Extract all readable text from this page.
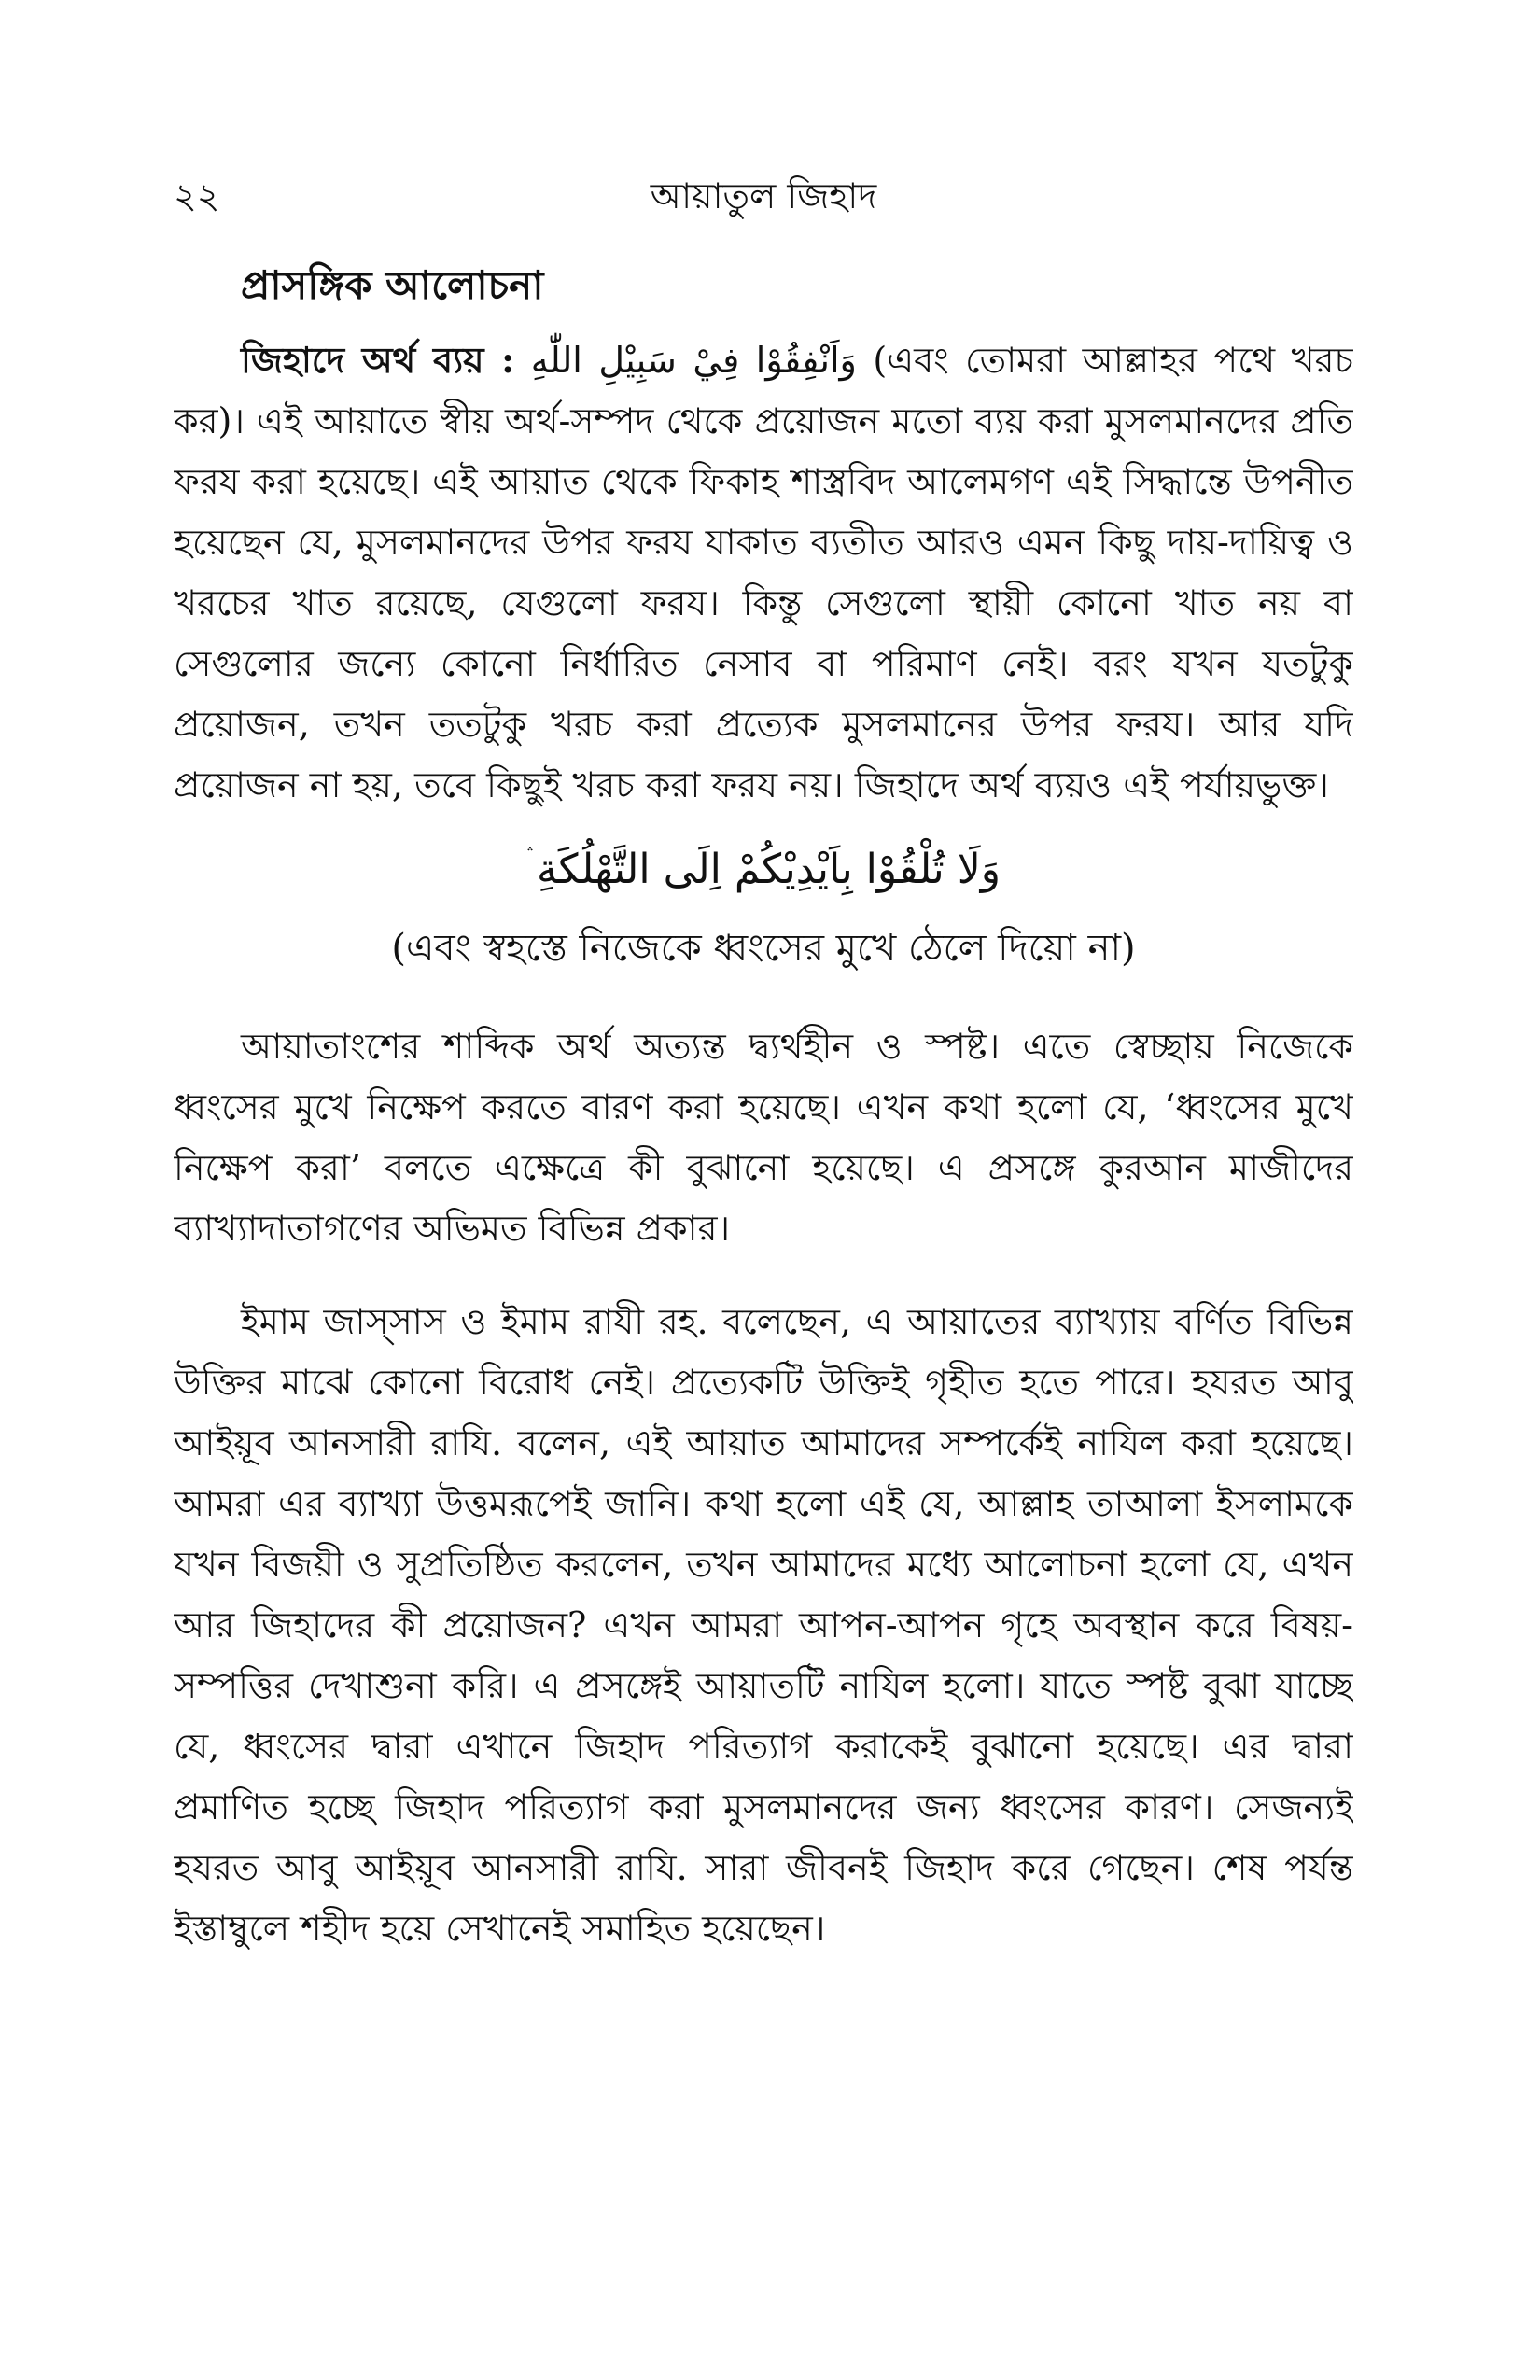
২২	আয়াতুল জিহাদ
প্রাসঙ্গিক আলোচনা

জিহাদে অর্থ ব্যয় : وَاَنْفِقُوْا فِيْ سَبِيْلِ اللّٰهِ (এবং তোমরা আল্লাহর পথে খরচ কর)। এই আয়াতে স্বীয় অর্থ-সম্পদ থেকে প্রয়োজন মতো ব্যয় করা মুসলমানদের প্রতি ফরয করা হয়েছে। এই আয়াত থেকে ফিকাহ শাস্ত্রবিদ আলেমগণ এই সিদ্ধান্তে উপনীত হয়েছেন যে, মুসলমানদের উপর ফরয যাকাত ব্যতীত আরও এমন কিছু দায়-দায়িত্ব ও খরচের খাত রয়েছে, যেগুলো ফরয। কিন্তু সেগুলো স্থায়ী কোনো খাত নয় বা সেগুলোর জন্যে কোনো নির্ধারিত নেসাব বা পরিমাণ নেই। বরং যখন যতটুকু প্রয়োজন, তখন ততটুকু খরচ করা প্রত্যেক মুসলমানের উপর ফরয। আর যদি প্রয়োজন না হয়, তবে কিছুই খরচ করা ফরয নয়। জিহাদে অর্থ ব্যয়ও এই পর্যায়ভুক্ত।

وَلَا تُلْقُوْا بِاَيْدِيْكُمْ اِلَى التَّهْلُكَةِ ۛ
(এবং স্বহস্তে নিজেকে ধ্বংসের মুখে ঠেলে দিয়ো না)

আয়াতাংশের শাব্দিক অর্থ অত্যন্ত দ্ব্যর্থহীন ও স্পষ্ট। এতে স্বেচ্ছায় নিজেকে ধ্বংসের মুখে নিক্ষেপ করতে বারণ করা হয়েছে। এখন কথা হলো যে, ‘ধ্বংসের মুখে নিক্ষেপ করা’ বলতে এক্ষেত্রে কী বুঝানো হয়েছে। এ প্রসঙ্গে কুরআন মাজীদের ব্যাখ্যাদাতাগণের অভিমত বিভিন্ন প্রকার।

ইমাম জাস্সাস ও ইমাম রাযী রহ. বলেছেন, এ আয়াতের ব্যাখ্যায় বর্ণিত বিভিন্ন উক্তির মাঝে কোনো বিরোধ নেই। প্রত্যেকটি উক্তিই গৃহীত হতে পারে। হযরত আবু আইয়ূব আনসারী রাযি. বলেন, এই আয়াত আমাদের সম্পর্কেই নাযিল করা হয়েছে। আমরা এর ব্যাখ্যা উত্তমরূপেই জানি। কথা হলো এই যে, আল্লাহ তাআলা ইসলামকে যখন বিজয়ী ও সুপ্রতিষ্ঠিত করলেন, তখন আমাদের মধ্যে আলোচনা হলো যে, এখন আর জিহাদের কী প্রয়োজন? এখন আমরা আপন-আপন গৃহে অবস্থান করে বিষয়-সম্পত্তির দেখাশুনা করি। এ প্রসঙ্গেই আয়াতটি নাযিল হলো। যাতে স্পষ্ট বুঝা যাচ্ছে যে, ধ্বংসের দ্বারা এখানে জিহাদ পরিত্যাগ করাকেই বুঝানো হয়েছে। এর দ্বারা প্রমাণিত হচ্ছে জিহাদ পরিত্যাগ করা মুসলমানদের জন্য ধ্বংসের কারণ। সেজন্যই হযরত আবু আইয়ূব আনসারী রাযি. সারা জীবনই জিহাদ করে গেছেন। শেষ পর্যন্ত ইস্তাম্বুলে শহীদ হয়ে সেখানেই সমাহিত হয়েছেন।
